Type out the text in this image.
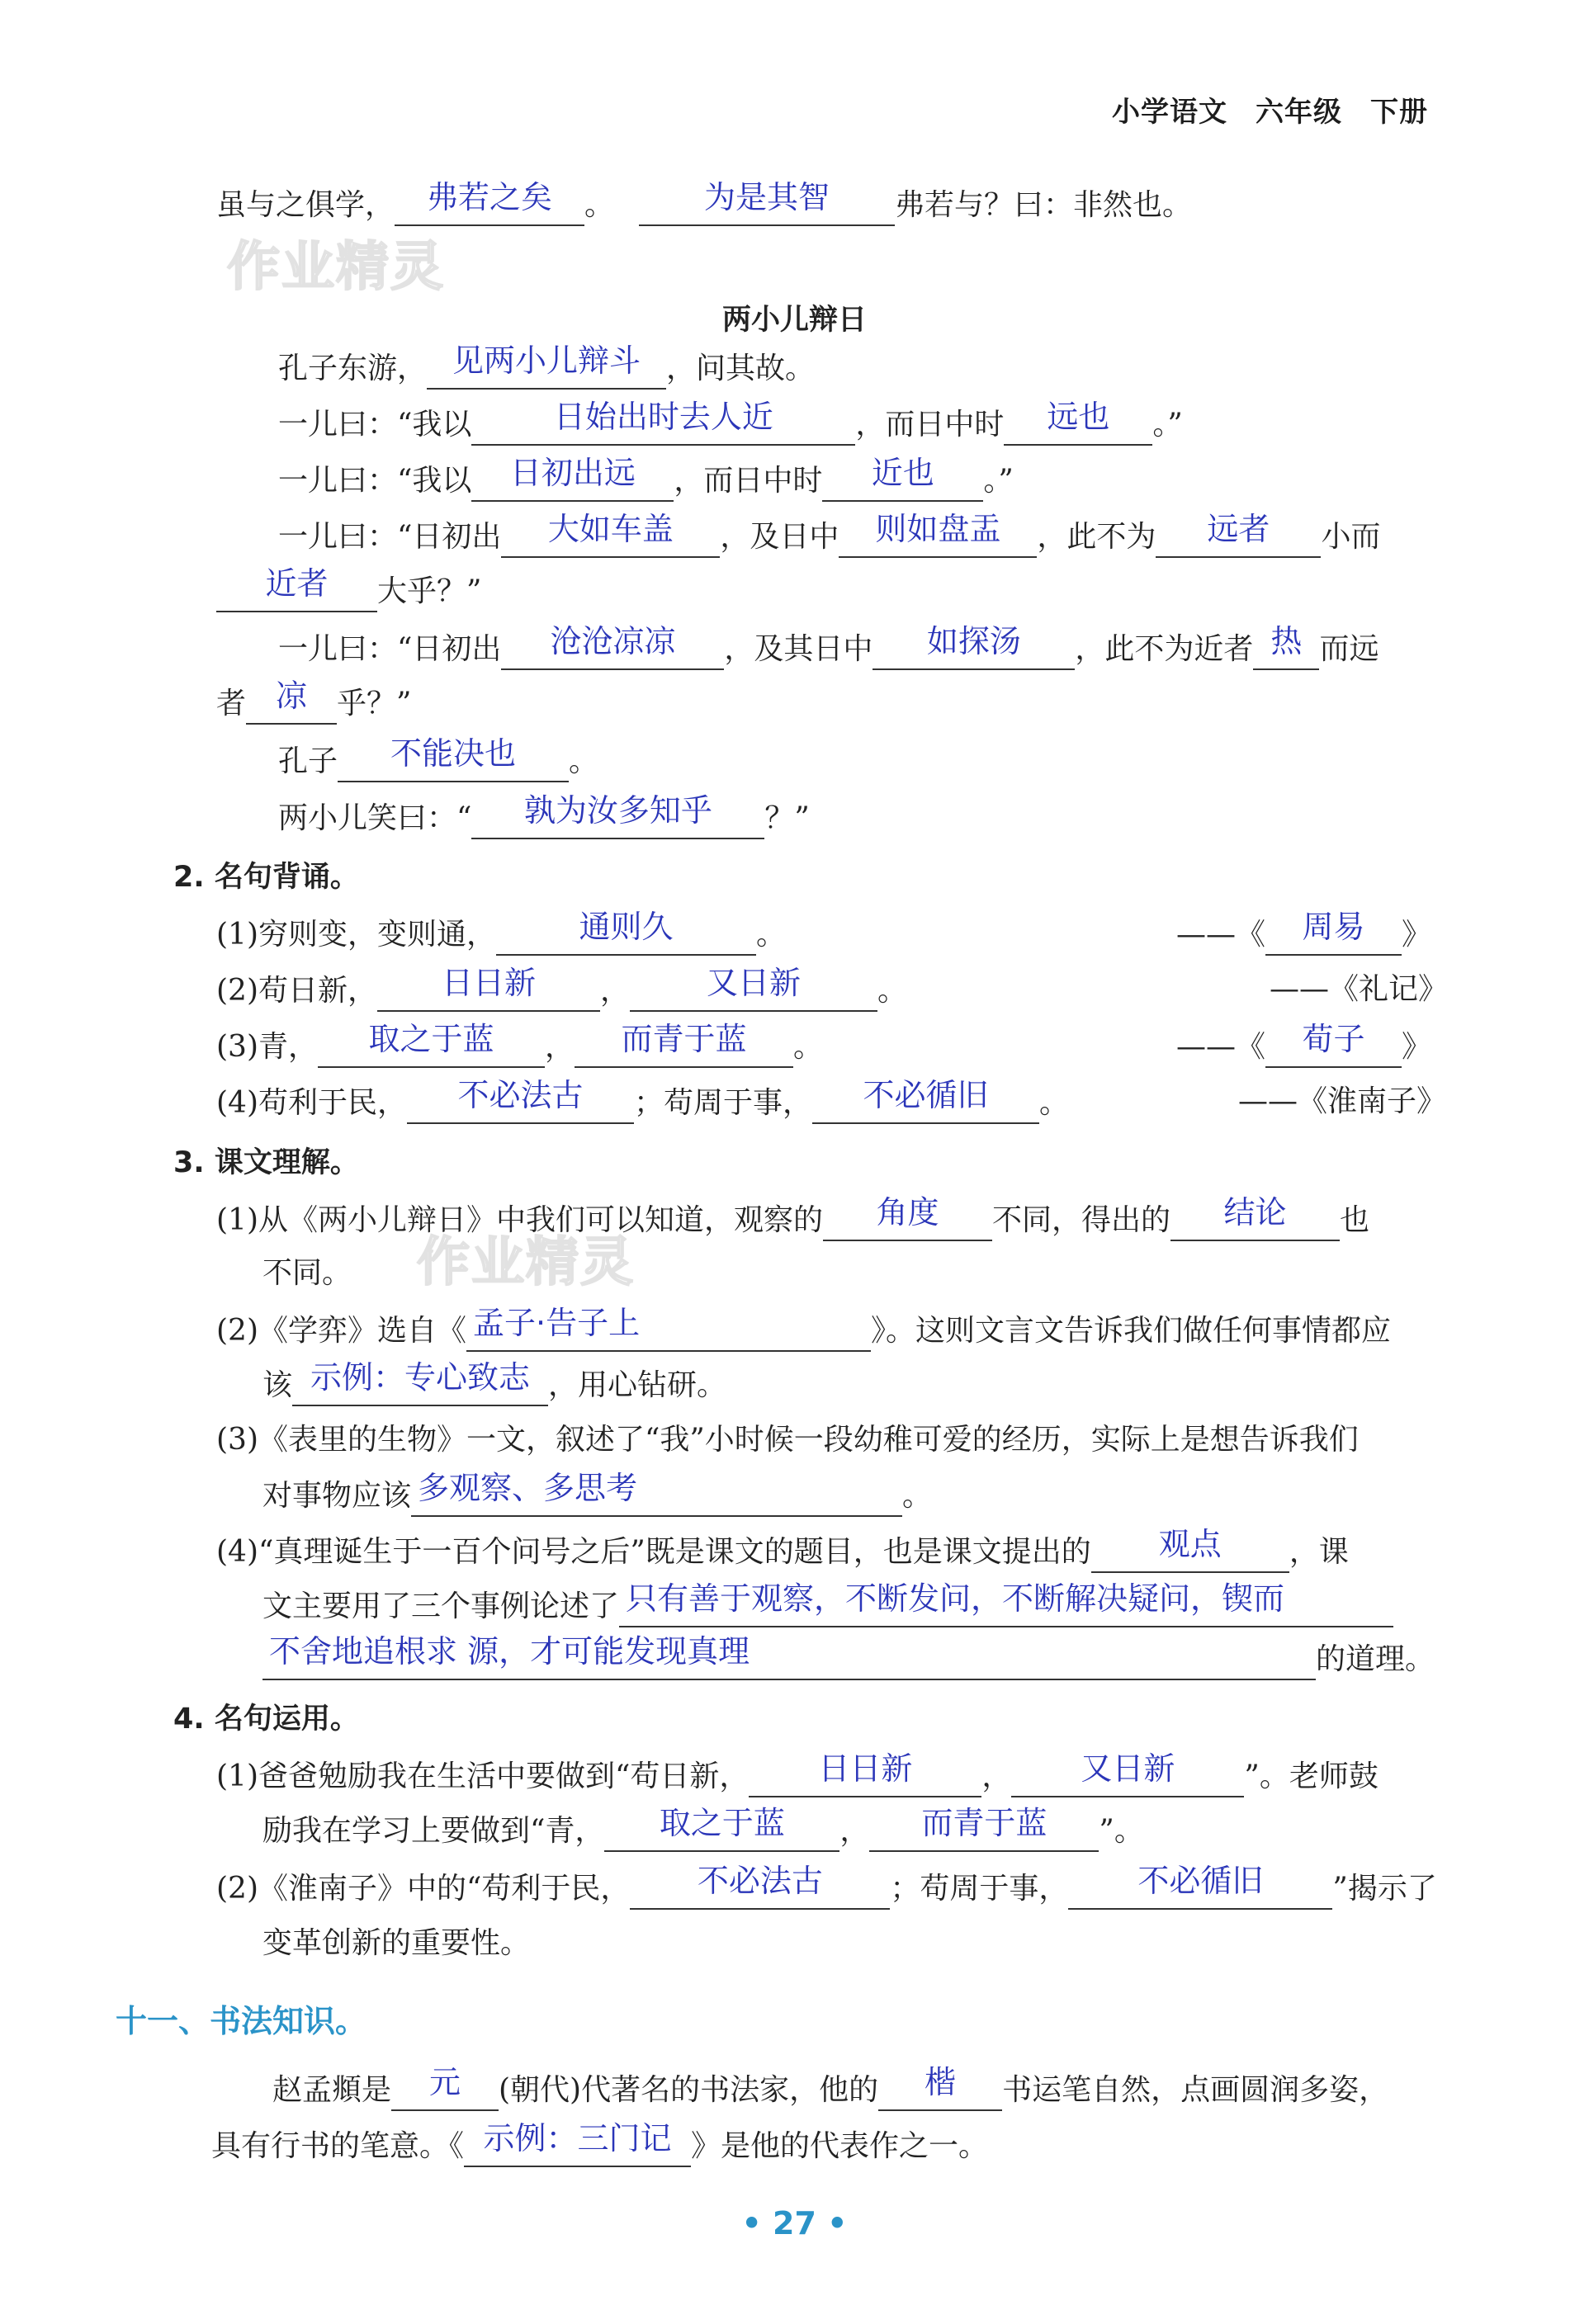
小学语文 六年级 下册
作业精灵
作业精灵
虽与之俱学，	弗若之矣	。	为是其智	弗若与？曰：非然也。
两小儿辩日
孔子东游， 见两小儿辩斗 ，问其故。
一儿曰：“我以	日始出时去人近	，而日中时	远也	。”
一儿曰：“我以	日初出远	，而日中时	近也	。”
一儿曰：“日初出	大如车盖	，及日中	则如盘盂	，此不为	远者	小而
近者	大乎？”
一儿曰：“日初出	沧沧凉凉	，及其日中	如探汤	，此不为近者 热 而远
者 凉	乎？”
孔子	不能决也	。
两小儿笑曰：“	孰为汝多知乎	？”
2. 名句背诵。
(1)穷则变，变则通，	通则久	。	——《	周易	》
(2)苟日新，	日日新	，	又日新	。	——《礼记》
(3)青，	取之于蓝	，	而青于蓝	。	——《	荀子	》
(4)苟利于民，	不必法古	；苟周于事，	不必循旧	。	——《淮南子》
3. 课文理解。
(1)从《两小儿辩日》中我们可以知道，观察的	角度	不同，得出的	结论	也
不同。
(2)《学弈》选自《 孟子·告子上	》。这则文言文告诉我们做任何事情都应
该 示例：专心致志 ，用心钻研。
(3)《表里的生物》一文，叙述了“我”小时候一段幼稚可爱的经历，实际上是想告诉我们
对事物应该 多观察、多思考	。
(4)“真理诞生于一百个问号之后”既是课文的题目，也是课文提出的	观点	，课
文主要用了三个事例论述了 只有善于观察，不断发问，不断解决疑问，锲而
不舍地追根求 源，才可能发现真理	的道理。
4. 名句运用。
(1)爸爸勉励我在生活中要做到“苟日新，	日日新	，	又日新	”。老师鼓
励我在学习上要做到“青，	取之于蓝	，	而青于蓝	”。
(2)《淮南子》中的“苟利于民，	不必法古	；苟周于事，	不必循旧	”揭示了
变革创新的重要性。
十一、书法知识。
赵孟頫是	元	(朝代)代著名的书法家，他的	楷	书运笔自然，点画圆润多姿，
具有行书的笔意。《 示例：三门记 》是他的代表作之一。
• 27 •
